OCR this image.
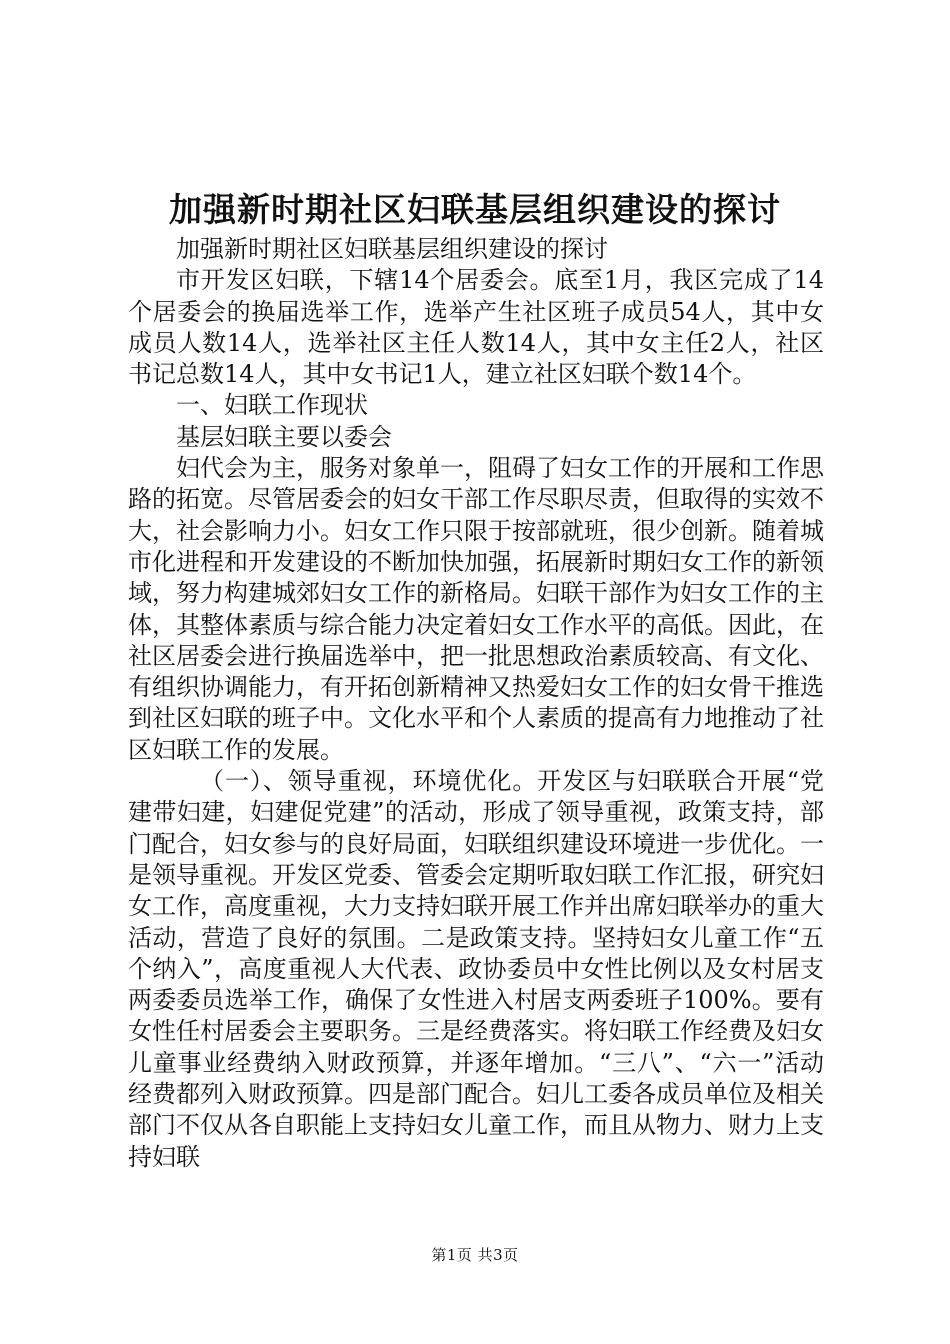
加强新时期社区妇联基层组织建设的探讨

加强新时期社区妇联基层组织建设的探讨

市开发区妇联，下辖14个居委会。底至1月，我区完成了14个居委会的换届选举工作，选举产生社区班子成员54人，其中女成员人数14人，选举社区主任人数14人，其中女主任2人，社区书记总数14人，其中女书记1人，建立社区妇联个数14个。

一、妇联工作现状

基层妇联主要以委会

妇代会为主，服务对象单一，阻碍了妇女工作的开展和工作思路的拓宽。尽管居委会的妇女干部工作尽职尽责，但取得的实效不大，社会影响力小。妇女工作只限于按部就班，很少创新。随着城市化进程和开发建设的不断加快加强，拓展新时期妇女工作的新领域，努力构建城郊妇女工作的新格局。妇联干部作为妇女工作的主体，其整体素质与综合能力决定着妇女工作水平的高低。因此，在社区居委会进行换届选举中，把一批思想政治素质较高、有文化、有组织协调能力，有开拓创新精神又热爱妇女工作的妇女骨干推选到社区妇联的班子中。文化水平和个人素质的提高有力地推动了社区妇联工作的发展。

（一）、领导重视，环境优化。开发区与妇联联合开展“党建带妇建，妇建促党建”的活动，形成了领导重视，政策支持，部门配合，妇女参与的良好局面，妇联组织建设环境进一步优化。一是领导重视。开发区党委、管委会定期听取妇联工作汇报，研究妇女工作，高度重视，大力支持妇联开展工作并出席妇联举办的重大活动，营造了良好的氛围。二是政策支持。坚持妇女儿童工作“五个纳入”，高度重视人大代表、政协委员中女性比例以及女村居支两委委员选举工作，确保了女性进入村居支两委班子100%。要有女性任村居委会主要职务。三是经费落实。将妇联工作经费及妇女儿童事业经费纳入财政预算，并逐年增加。“三八”、“六一”活动经费都列入财政预算。四是部门配合。妇儿工委各成员单位及相关部门不仅从各自职能上支持妇女儿童工作，而且从物力、财力上支持妇联

第1页 共3页
